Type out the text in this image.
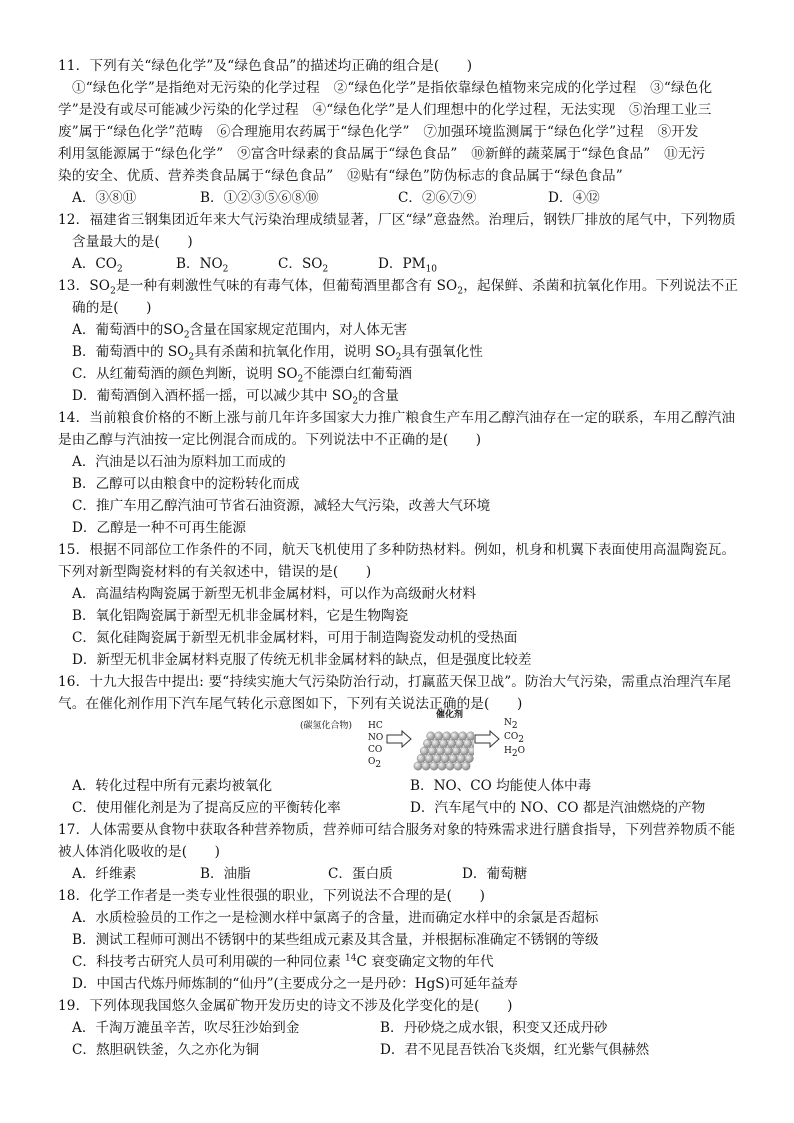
11．下列有关“绿色化学”及“绿色食品”的描述均正确的组合是(　　)
①“绿色化学”是指绝对无污染的化学过程　②“绿色化学”是指依靠绿色植物来完成的化学过程　③“绿色化
学”是没有或尽可能减少污染的化学过程　④“绿色化学”是人们理想中的化学过程，无法实现　⑤治理工业三
废”属于“绿色化学”范畴　⑥合理施用农药属于“绿色化学”　⑦加强环境监测属于“绿色化学”过程　⑧开发
利用氢能源属于“绿色化学”　⑨富含叶绿素的食品属于“绿色食品”　⑩新鲜的蔬菜属于“绿色食品”　⑪无污
染的安全、优质、营养类食品属于“绿色食品”　⑫贴有“绿色”防伪标志的食品属于“绿色食品”
A．③⑧⑪	B．①②③⑤⑥⑧⑩	C．②⑥⑦⑨	D．④⑫
12．福建省三钢集团近年来大气污染治理成绩显著，厂区“绿”意盎然。治理后，钢铁厂排放的尾气中，下列物质
含量最大的是(　　)
A．$CO_2$	B．$NO_2$	C．$SO_2$	D．$PM_{10}$
13．$SO_2$是一种有刺激性气味的有毒气体，但葡萄酒里都含有 $SO_2$，起保鲜、杀菌和抗氧化作用。下列说法不正
确的是(　　)
A．葡萄酒中的$SO_2$含量在国家规定范围内，对人体无害
B．葡萄酒中的 $SO_2$具有杀菌和抗氧化作用，说明 $SO_2$具有强氧化性
C．从红葡萄酒的颜色判断，说明 $SO_2$不能漂白红葡萄酒
D．葡萄酒倒入酒杯摇一摇，可以减少其中 $SO_2$的含量
14．当前粮食价格的不断上涨与前几年许多国家大力推广粮食生产车用乙醇汽油存在一定的联系，车用乙醇汽油
是由乙醇与汽油按一定比例混合而成的。下列说法中不正确的是(　　)
A．汽油是以石油为原料加工而成的
B．乙醇可以由粮食中的淀粉转化而成
C．推广车用乙醇汽油可节省石油资源，减轻大气污染，改善大气环境
D．乙醇是一种不可再生能源
15．根据不同部位工作条件的不同，航天飞机使用了多种防热材料。例如，机身和机翼下表面使用高温陶瓷瓦。
下列对新型陶瓷材料的有关叙述中，错误的是(　　)
A．高温结构陶瓷属于新型无机非金属材料，可以作为高级耐火材料
B．氧化铝陶瓷属于新型无机非金属材料，它是生物陶瓷
C．氮化硅陶瓷属于新型无机非金属材料，可用于制造陶瓷发动机的受热面
D．新型无机非金属材料克服了传统无机非金属材料的缺点，但是强度比较差
16．十九大报告中提出: 要“持续实施大气污染防治行动，打赢蓝天保卫战”。防治大气污染，需重点治理汽车尾
气。在催化剂作用下汽车尾气转化示意图如下，下列有关说法正确的是(　　)
(碳氢化合物) HC
NO
CO
$O_2$
催化剂
$N_2$
$CO_2$
$H_2O$
A．转化过程中所有元素均被氧化	B．NO、CO 均能使人体中毒
C．使用催化剂是为了提高反应的平衡转化率	D．汽车尾气中的 NO、CO 都是汽油燃烧的产物
17．人体需要从食物中获取各种营养物质，营养师可结合服务对象的特殊需求进行膳食指导，下列营养物质不能
被人体消化吸收的是(　　)
A．纤维素	B．油脂	C．蛋白质	D．葡萄糖
18．化学工作者是一类专业性很强的职业，下列说法不合理的是(　　)
A．水质检验员的工作之一是检测水样中氯离子的含量，进而确定水样中的余氯是否超标
B．测试工程师可测出不锈钢中的某些组成元素及其含量，并根据标准确定不锈钢的等级
C．科技考古研究人员可利用碳的一种同位素 $^{14}$C 衰变确定文物的年代
D．中国古代炼丹师炼制的“仙丹”(主要成分之一是丹砂：HgS)可延年益寿
19．下列体现我国悠久金属矿物开发历史的诗文不涉及化学变化的是(　　)
A．千淘万漉虽辛苦，吹尽狂沙始到金	B．丹砂烧之成水银，积变又还成丹砂
C．熬胆矾铁釜，久之亦化为铜	D．君不见昆吾铁冶飞炎烟，红光紫气俱赫然
